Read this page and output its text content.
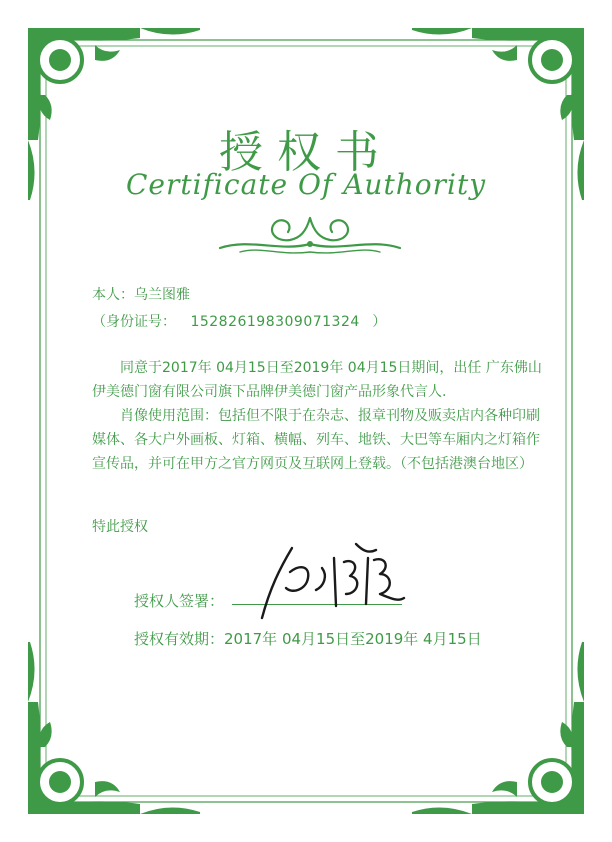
授权书
Certificate Of Authority
本人：乌兰图雅
（身份证号： 152826198309071324 ）

同意于2017年 04月15日至2019年 04月15日期间，出任 广东佛山伊美德门窗有限公司旗下品牌伊美德门窗产品形象代言人.

肖像使用范围：包括但不限于在杂志、报章刊物及贩卖店内各种印刷媒体、各大户外画板、灯箱、横幅、列车、地铁、大巴等车厢内之灯箱作宣传品，并可在甲方之官方网页及互联网上登载。（不包括港澳台地区）

特此授权
授权人签署：
授权有效期：2017年 04月15日至2019年 4月15日
